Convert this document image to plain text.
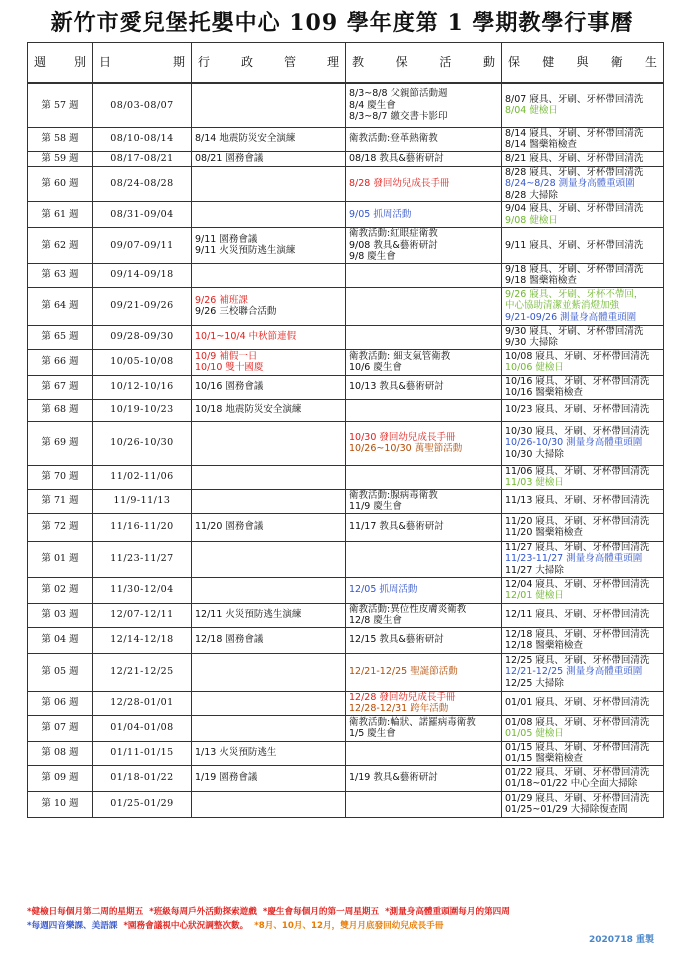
新竹市愛兒堡托嬰中心 109 學年度第 1 學期教學行事曆
週 別	日 期	行 政 管 理	教 保 活 動	保 健 與 衛 生
第 57 週	08/03-08/07		8/3~8/8 父親節活動週
8/4 慶生會
8/3~8/7 繳交書卡影印	8/07 寢具、牙刷、牙杯帶回清洗
8/04 健檢日

第 58 週	08/10-08/14	8/14 地震防災安全演練	衛教活動:登革熱衛教	8/14 寢具、牙刷、牙杯帶回清洗
8/14 醫藥箱檢查

第 59 週	08/17-08/21	08/21 園務會議	08/18 教具&藝術研討	8/21 寢具、牙刷、牙杯帶回清洗

第 60 週	08/24-08/28		8/28 發回幼兒成長手冊	8/28 寢具、牙刷、牙杯帶回清洗
8/24~8/28 測量身高體重頭圍
8/28 大掃除

第 61 週	08/31-09/04		9/05 抓周活動	9/04 寢具、牙刷、牙杯帶回清洗
9/08 健檢日

第 62 週	09/07-09/11	9/11 園務會議
9/11 火災預防逃生演練	衛教活動:紅眼症衛教
9/08 教具&藝術研討
9/8 慶生會	9/11 寢具、牙刷、牙杯帶回清洗

第 63 週	09/14-09/18			9/18 寢具、牙刷、牙杯帶回清洗
9/18 醫藥箱檢查

第 64 週	09/21-09/26	9/26 補班課
9/26 三校聯合活動		9/26 寢具、牙刷、牙杯不帶回，
中心協助清潔並紫消燈加強
9/21-09/26 測量身高體重頭圍

第 65 週	09/28-09/30	10/1~10/4 中秋節連假		9/30 寢具、牙刷、牙杯帶回清洗
9/30 大掃除

第 66 週	10/05-10/08	10/9 補假一日
10/10 雙十國慶	衛教活動: 細支氣管衛教
10/6 慶生會	10/08 寢具、牙刷、牙杯帶回清洗
10/06 健檢日

第 67 週	10/12-10/16	10/16 園務會議	10/13 教具&藝術研討	10/16 寢具、牙刷、牙杯帶回清洗
10/16 醫藥箱檢查

第 68 週	10/19-10/23	10/18 地震防災安全演練		10/23 寢具、牙刷、牙杯帶回清洗

第 69 週	10/26-10/30		10/30 發回幼兒成長手冊
10/26~10/30 萬聖節活動	10/30 寢具、牙刷、牙杯帶回清洗
10/26-10/30 測量身高體重頭圍
10/30 大掃除

第 70 週	11/02-11/06			11/06 寢具、牙刷、牙杯帶回清洗
11/03 健檢日

第 71 週	11/9-11/13		衛教活動:腺病毒衛教
11/9 慶生會	11/13 寢具、牙刷、牙杯帶回清洗

第 72 週	11/16-11/20	11/20 園務會議	11/17 教具&藝術研討	11/20 寢具、牙刷、牙杯帶回清洗
11/20 醫藥箱檢查

第 01 週	11/23-11/27			11/27 寢具、牙刷、牙杯帶回清洗
11/23-11/27 測量身高體重頭圍
11/27 大掃除

第 02 週	11/30-12/04		12/05 抓周活動	12/04 寢具、牙刷、牙杯帶回清洗
12/01 健檢日

第 03 週	12/07-12/11	12/11 火災預防逃生演練	衛教活動:異位性皮膚炎衛教
12/8 慶生會	12/11 寢具、牙刷、牙杯帶回清洗

第 04 週	12/14-12/18	12/18 園務會議	12/15 教具&藝術研討	12/18 寢具、牙刷、牙杯帶回清洗
12/18 醫藥箱檢查

第 05 週	12/21-12/25		12/21-12/25 聖誕節活動	12/25 寢具、牙刷、牙杯帶回清洗
12/21-12/25 測量身高體重頭圍
12/25 大掃除

第 06 週	12/28-01/01		12/28 發回幼兒成長手冊
12/28-12/31 跨年活動	01/01 寢具、牙刷、牙杯帶回清洗

第 07 週	01/04-01/08		衛教活動:輪狀、諾羅病毒衛教
1/5 慶生會	01/08 寢具、牙刷、牙杯帶回清洗
01/05 健檢日

第 08 週	01/11-01/15	1/13 火災預防逃生		01/15 寢具、牙刷、牙杯帶回清洗
01/15 醫藥箱檢查

第 09 週	01/18-01/22	1/19 園務會議	1/19 教具&藝術研討	01/22 寢具、牙刷、牙杯帶回清洗
01/18~01/22 中心全面大掃除

第 10 週	01/25-01/29			01/29 寢具、牙刷、牙杯帶回清洗
01/25~01/29 大掃除復查間
*健檢日每個月第二周的星期五 *班級每周戶外活動探索遊戲 *慶生會每個月的第一周星期五 *測量身高體重頭圍每月的第四周
*每週四音樂課、美語課 *園務會議視中心狀況調整次數。 *8月、10月、12月，雙月月底發回幼兒成長手冊
2020718 重製
